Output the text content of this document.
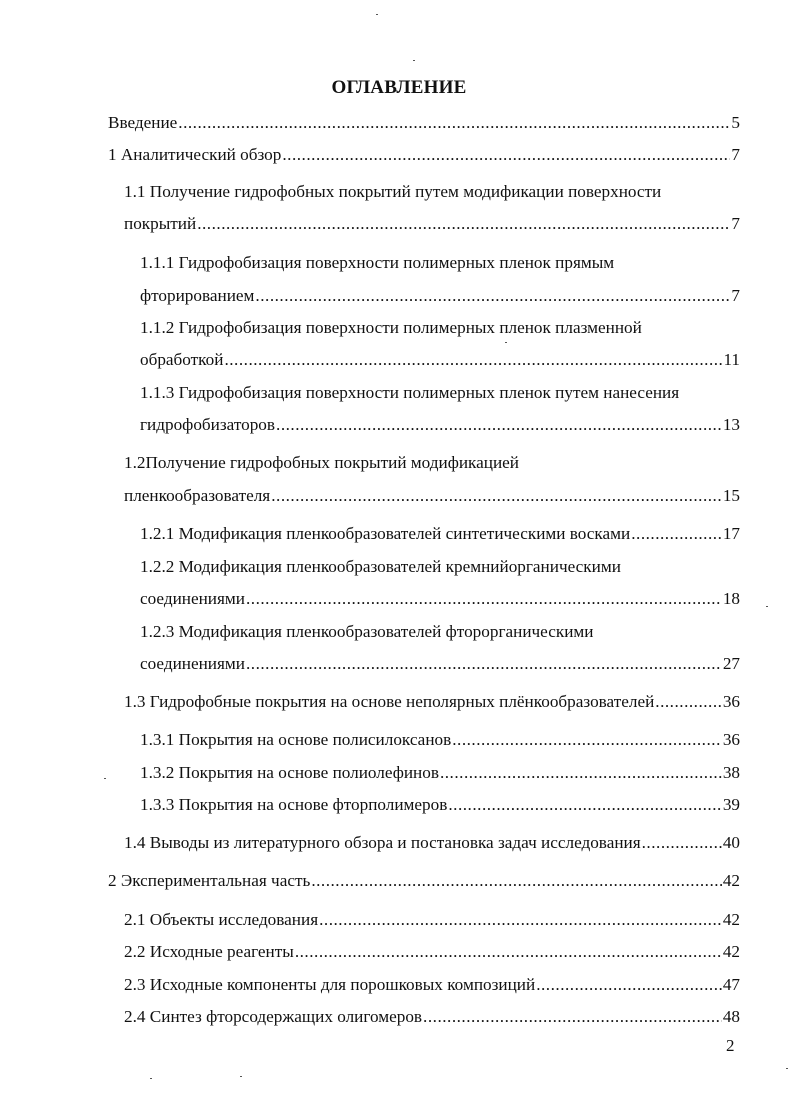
ОГЛАВЛЕНИЕ
Введение .....	5
1 Аналитический обзор .....	7
1.1 Получение гидрофобных покрытий путем модификации поверхности
покрытий .....	7
1.1.1 Гидрофобизация поверхности полимерных пленок прямым
фторированием .....	7
1.1.2 Гидрофобизация поверхности полимерных пленок плазменной
обработкой .....	11
1.1.3 Гидрофобизация поверхности полимерных пленок путем нанесения
гидрофобизаторов .....	13
1.2Получение гидрофобных покрытий модификацией
пленкообразователя .....	15
1.2.1 Модификация пленкообразователей синтетическими восками .....	17
1.2.2 Модификация пленкообразователей кремнийорганическими
соединениями .....	18
1.2.3 Модификация пленкообразователей фторорганическими
соединениями .....	27
1.3 Гидрофобные покрытия на основе неполярных плёнкообразователей .....	36
1.3.1 Покрытия на основе полисилоксанов .....	36
1.3.2 Покрытия на основе полиолефинов .....	38
1.3.3 Покрытия на основе фторполимеров .....	39
1.4 Выводы из литературного обзора и постановка задач исследования .....	40
2 Экспериментальная часть .....	42
2.1 Объекты исследования .....	42
2.2 Исходные реагенты .....	42
2.3 Исходные компоненты для порошковых композиций .....	47
2.4 Синтез фторсодержащих олигомеров .....	48
2
